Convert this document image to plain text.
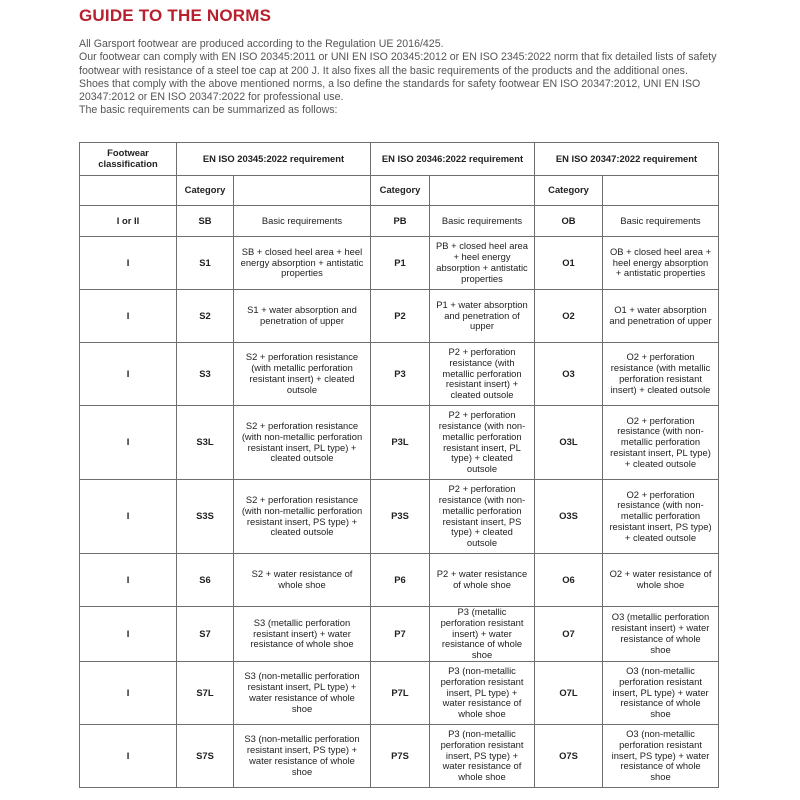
GUIDE TO THE NORMS

All Garsport footwear are produced according to the Regulation UE 2016/425.

Our footwear can comply with EN ISO 20345:2011 or UNI EN ISO 20345:2012 or EN ISO 2345:2022 norm that fix detailed lists of safety footwear with resistance of a steel toe cap at 200 J. It also fixes all the basic requirements of the products and the additional ones. Shoes that comply with the above mentioned norms, a lso define the standards for safety footwear EN ISO 20347:2012, UNI EN ISO 20347:2012 or EN ISO 20347:2022 for professional use.

The basic requirements can be summarized as follows:

Footwear classification	EN ISO 20345:2022 requirement		EN ISO 20346:2022 requirement		EN ISO 20347:2022 requirement	
	Category		Category		Category	
I or II	SB	Basic requirements	PB	Basic requirements	OB	Basic requirements
I	S1	SB + closed heel area + heel energy absorption + antistatic properties	P1	PB + closed heel area + heel energy absorption + antistatic properties	O1	OB + closed heel area + heel energy absorption + antistatic properties
I	S2	S1 + water absorption and penetration of upper	P2	P1 + water absorption and penetration of upper	O2	O1 + water absorption and penetration of upper
I	S3	S2 + perforation resistance (with metallic perforation resistant insert) + cleated outsole	P3	P2 + perforation resistance (with metallic perforation resistant insert) + cleated outsole	O3	O2 + perforation resistance (with metallic perforation resistant insert) + cleated outsole
I	S3L	S2 + perforation resistance (with non-metallic perforation resistant insert, PL type) + cleated outsole	P3L	P2 + perforation resistance (with non-metallic perforation resistant insert, PL type) + cleated outsole	O3L	O2 + perforation resistance (with non-metallic perforation resistant insert, PL type) + cleated outsole
I	S3S	S2 + perforation resistance (with non-metallic perforation resistant insert, PS type) + cleated outsole	P3S	P2 + perforation resistance (with non-metallic perforation resistant insert, PS type) + cleated outsole	O3S	O2 + perforation resistance (with non-metallic perforation resistant insert, PS type) + cleated outsole
I	S6	S2 + water resistance of whole shoe	P6	P2 + water resistance of whole shoe	O6	O2 + water resistance of whole shoe
I	S7	S3 (metallic perforation resistant insert) + water resistance of whole shoe	P7	P3 (metallic perforation resistant insert) + water resistance of whole shoe	O7	O3 (metallic perforation resistant insert) + water resistance of whole shoe
I	S7L	S3 (non-metallic perforation resistant insert, PL type) + water resistance of whole shoe	P7L	P3 (non-metallic perforation resistant insert, PL type) + water resistance of whole shoe	O7L	O3 (non-metallic perforation resistant insert, PL type) + water resistance of whole shoe
I	S7S	S3 (non-metallic perforation resistant insert, PS type) + water resistance of whole shoe	P7S	P3 (non-metallic perforation resistant insert, PS type) + water resistance of whole shoe	O7S	O3 (non-metallic perforation resistant insert, PS type) + water resistance of whole shoe
